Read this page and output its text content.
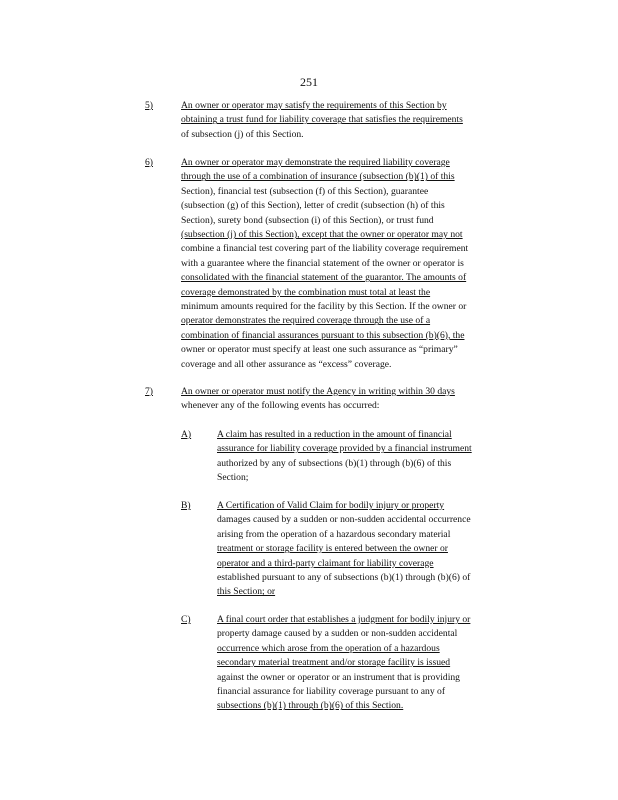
251
5)	An owner or operator may satisfy the requirements of this Section by

obtaining a trust fund for liability coverage that satisfies the requirements

of subsection (j) of this Section.

6)	An owner or operator may demonstrate the required liability coverage

through the use of a combination of insurance (subsection (b)(1) of this

Section), financial test (subsection (f) of this Section), guarantee

(subsection (g) of this Section), letter of credit (subsection (h) of this

Section), surety bond (subsection (i) of this Section), or trust fund

(subsection (j) of this Section), except that the owner or operator may not

combine a financial test covering part of the liability coverage requirement

with a guarantee where the financial statement of the owner or operator is

consolidated with the financial statement of the guarantor. The amounts of

coverage demonstrated by the combination must total at least the

minimum amounts required for the facility by this Section. If the owner or

operator demonstrates the required coverage through the use of a

combination of financial assurances pursuant to this subsection (b)(6), the

owner or operator must specify at least one such assurance as “primary”

coverage and all other assurance as “excess” coverage.

7)	An owner or operator must notify the Agency in writing within 30 days

whenever any of the following events has occurred:

A)	A claim has resulted in a reduction in the amount of financial

assurance for liability coverage provided by a financial instrument

authorized by any of subsections (b)(1) through (b)(6) of this

Section;

B)	A Certification of Valid Claim for bodily injury or property

damages caused by a sudden or non-sudden accidental occurrence

arising from the operation of a hazardous secondary material

treatment or storage facility is entered between the owner or

operator and a third-party claimant for liability coverage

established pursuant to any of subsections (b)(1) through (b)(6) of

this Section; or

C)	A final court order that establishes a judgment for bodily injury or

property damage caused by a sudden or non-sudden accidental

occurrence which arose from the operation of a hazardous

secondary material treatment and/or storage facility is issued

against the owner or operator or an instrument that is providing

financial assurance for liability coverage pursuant to any of

subsections (b)(1) through (b)(6) of this Section.
